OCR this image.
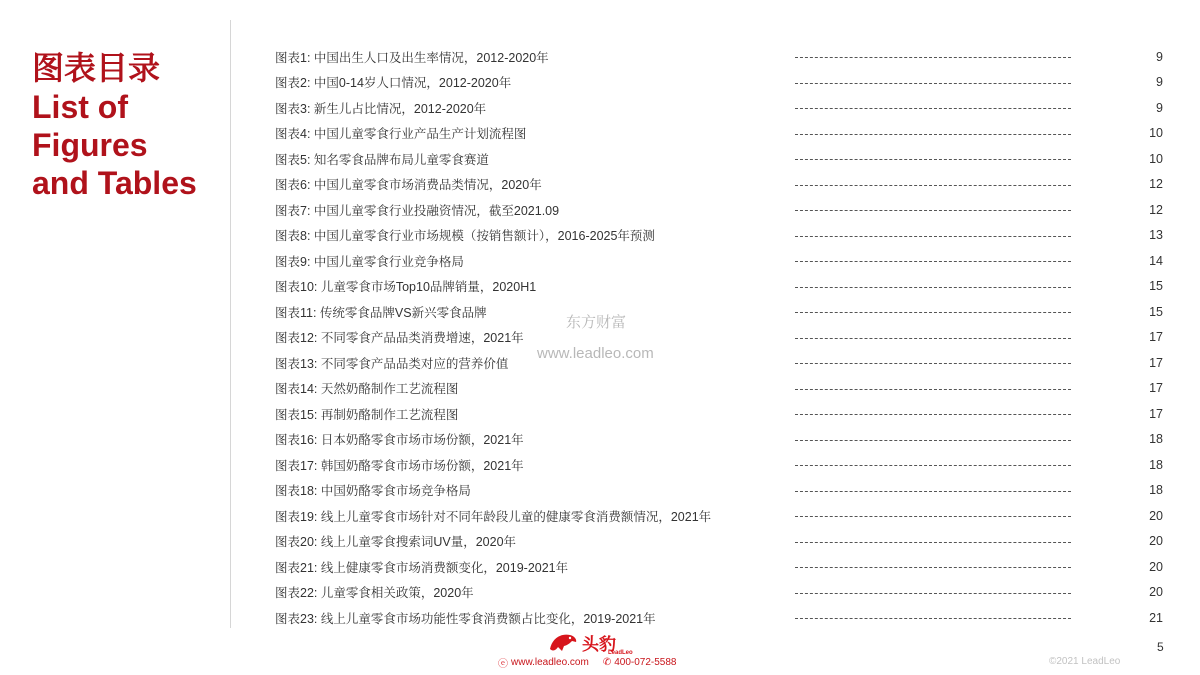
图表目录
List of
Figures
and Tables
图表1: 中国出生人口及出生率情况，2012-2020年	9
图表2: 中国0-14岁人口情况，2012-2020年	9
图表3: 新生儿占比情况，2012-2020年	9
图表4: 中国儿童零食行业产品生产计划流程图	10
图表5: 知名零食品牌布局儿童零食赛道	10
图表6: 中国儿童零食市场消费品类情况，2020年	12
图表7: 中国儿童零食行业投融资情况，截至2021.09	12
图表8: 中国儿童零食行业市场规模（按销售额计），2016-2025年预测	13
图表9: 中国儿童零食行业竞争格局	14
图表10: 儿童零食市场Top10品牌销量，2020H1	15
图表11: 传统零食品牌VS新兴零食品牌	15
图表12: 不同零食产品品类消费增速，2021年	17
图表13: 不同零食产品品类对应的营养价值	17
图表14: 天然奶酪制作工艺流程图	17
图表15: 再制奶酪制作工艺流程图	17
图表16: 日本奶酪零食市场市场份额，2021年	18
图表17: 韩国奶酪零食市场市场份额，2021年	18
图表18: 中国奶酪零食市场竞争格局	18
图表19: 线上儿童零食市场针对不同年龄段儿童的健康零食消费额情况，2021年	20
图表20: 线上儿童零食搜索词UV量，2020年	20
图表21: 线上健康零食市场消费额变化，2019-2021年	20
图表22: 儿童零食相关政策，2020年	20
图表23: 线上儿童零食市场功能性零食消费额占比变化，2019-2021年	21
东方财富
www.leadleo.com
头豹
LeadLeo
ⓔ www.leadleo.com ✆ 400-072-5588
5
©2021 LeadLeo
